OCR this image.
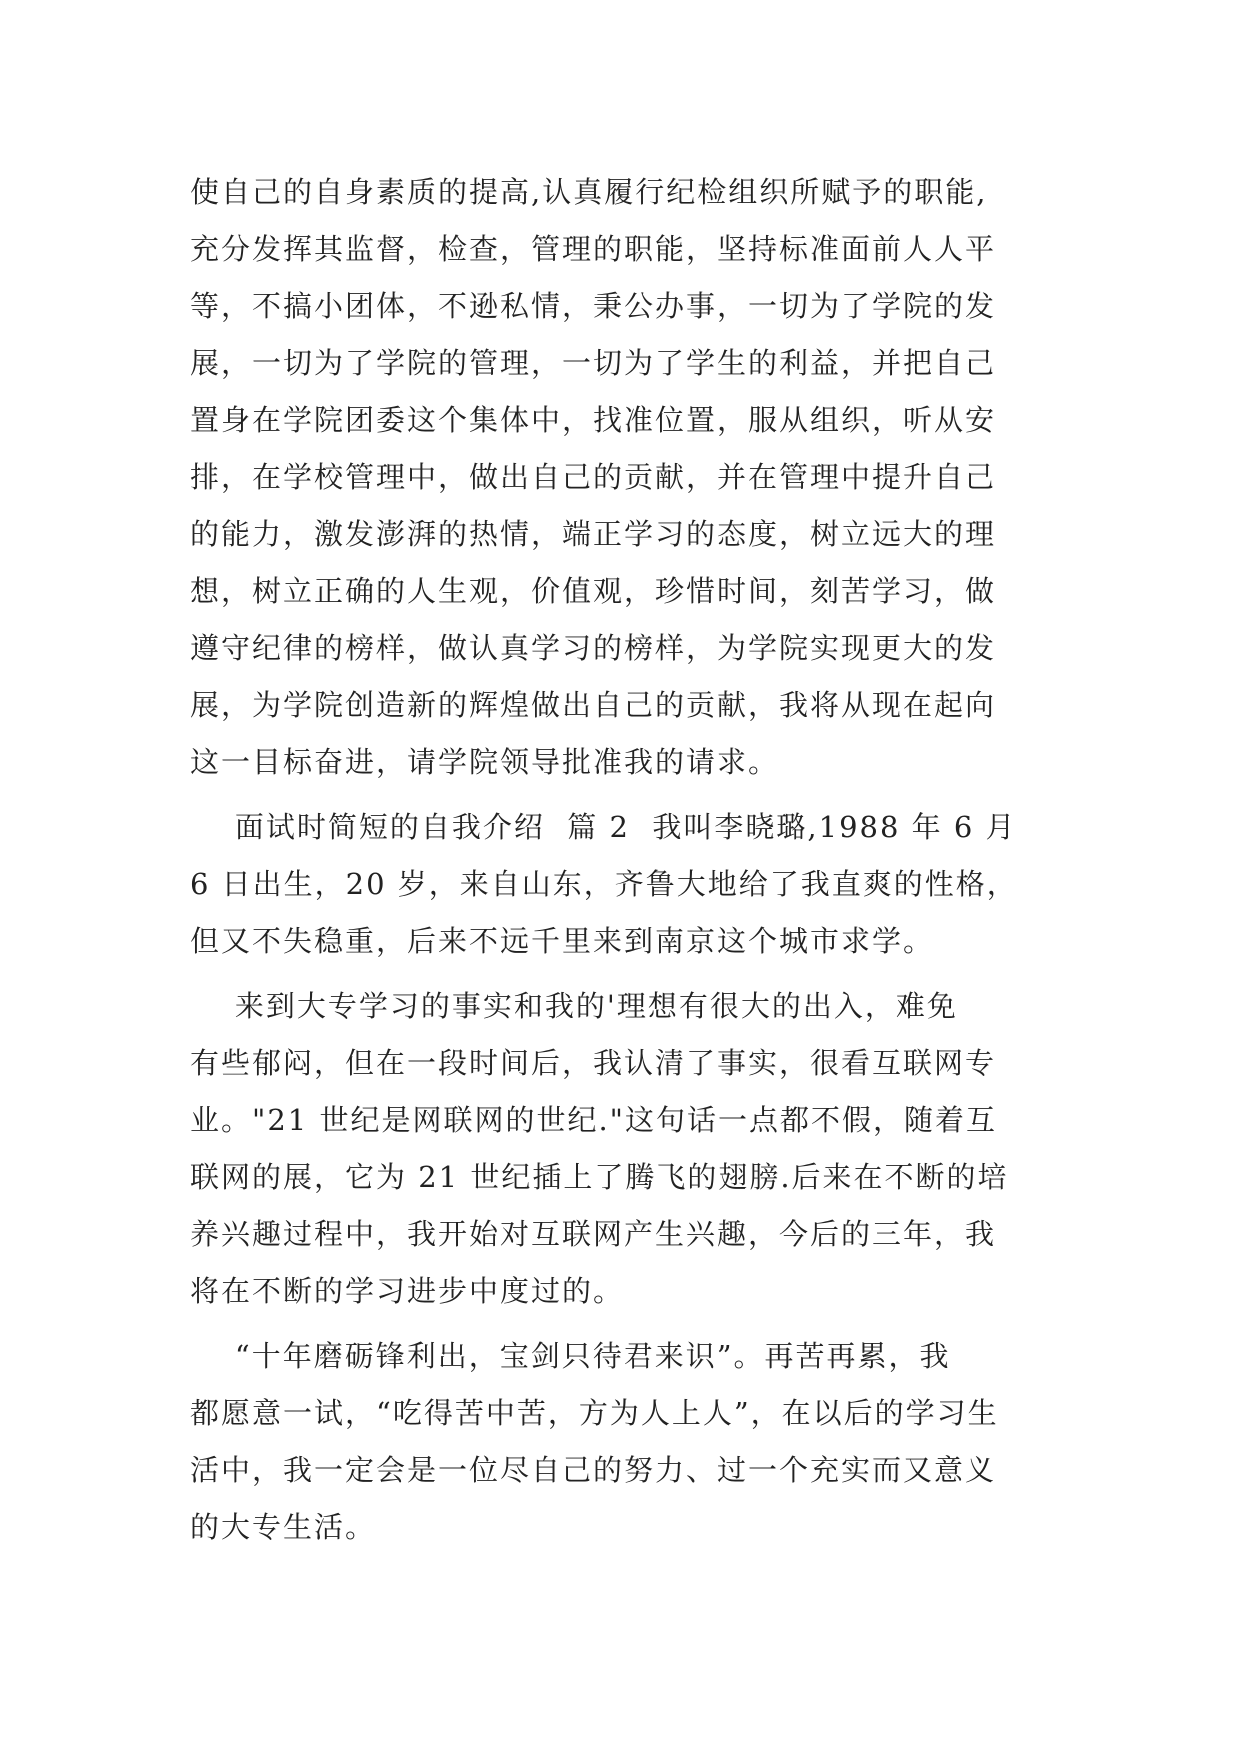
使自己的自身素质的提高,认真履行纪检组织所赋予的职能,
充分发挥其监督，检查，管理的职能，坚持标准面前人人平
等，不搞小团体，不逊私情，秉公办事，一切为了学院的发
展，一切为了学院的管理，一切为了学生的利益，并把自己
置身在学院团委这个集体中，找准位置，服从组织，听从安
排，在学校管理中，做出自己的贡献，并在管理中提升自己
的能力，激发澎湃的热情，端正学习的态度，树立远大的理
想，树立正确的人生观，价值观，珍惜时间，刻苦学习，做
遵守纪律的榜样，做认真学习的榜样，为学院实现更大的发
展，为学院创造新的辉煌做出自己的贡献，我将从现在起向
这一目标奋进，请学院领导批准我的请求。
面试时简短的自我介绍  篇 2  我叫李晓璐,1988 年 6 月
6 日出生，20 岁，来自山东，齐鲁大地给了我直爽的性格，
但又不失稳重，后来不远千里来到南京这个城市求学。
来到大专学习的事实和我的'理想有很大的出入，难免
有些郁闷，但在一段时间后，我认清了事实，很看互联网专
业。"21 世纪是网联网的世纪."这句话一点都不假，随着互
联网的展，它为 21 世纪插上了腾飞的翅膀.后来在不断的培
养兴趣过程中，我开始对互联网产生兴趣，今后的三年，我
将在不断的学习进步中度过的。
“十年磨砺锋利出，宝剑只待君来识”。再苦再累，我
都愿意一试，“吃得苦中苦，方为人上人”，在以后的学习生
活中，我一定会是一位尽自己的努力、过一个充实而又意义
的大专生活。
